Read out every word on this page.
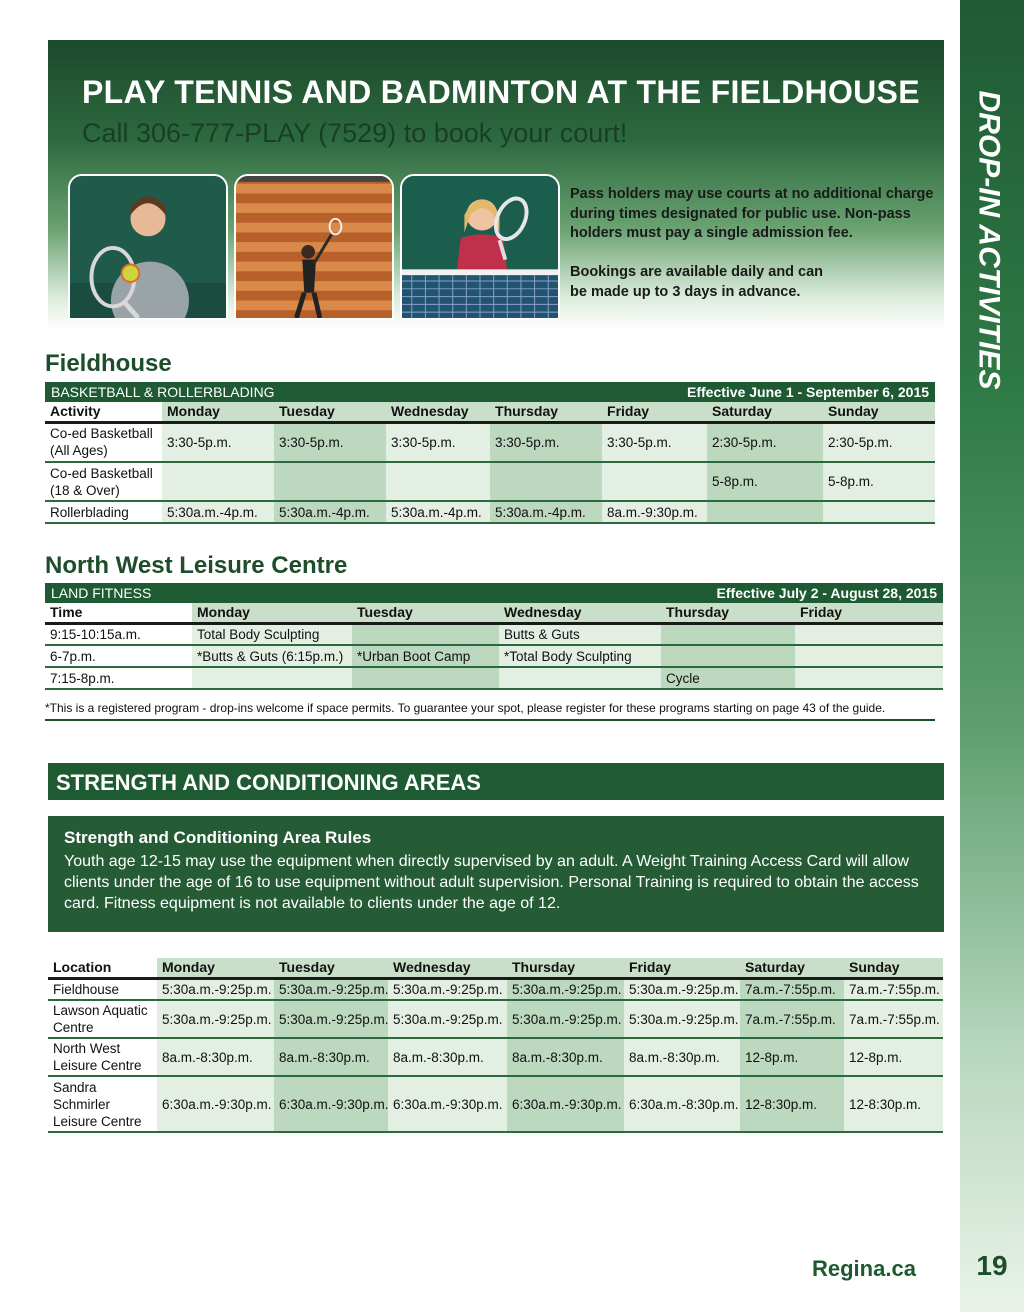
DROP-IN ACTIVITIES
PLAY TENNIS AND BADMINTON AT THE FIELDHOUSE
Call 306-777-PLAY (7529) to book your court!
Pass holders may use courts at no additional charge during times designated for public use. Non-pass holders must pay a single admission fee.
Bookings are available daily and can be made up to 3 days in advance.
Fieldhouse
BASKETBALL & ROLLERBLADING				Effective June 1 - September 6, 2015			
Activity	Monday	Tuesday	Wednesday	Thursday	Friday	Saturday	Sunday
Co-ed Basketball (All Ages)	3:30-5p.m.	3:30-5p.m.	3:30-5p.m.	3:30-5p.m.	3:30-5p.m.	2:30-5p.m.	2:30-5p.m.
Co-ed Basketball (18 & Over)						5-8p.m.	5-8p.m.
Rollerblading	5:30a.m.-4p.m.	5:30a.m.-4p.m.	5:30a.m.-4p.m.	5:30a.m.-4p.m.	8a.m.-9:30p.m.		
North West Leisure Centre
LAND FITNESS			Effective July 2 - August 28, 2015		
Time	Monday	Tuesday	Wednesday	Thursday	Friday
9:15-10:15a.m.	Total Body Sculpting		Butts & Guts		
6-7p.m.	*Butts & Guts (6:15p.m.)	*Urban Boot Camp	*Total Body Sculpting		
7:15-8p.m.				Cycle	
*This is a registered program - drop-ins welcome if space permits. To guarantee your spot, please register for these programs starting on page 43 of the guide.
STRENGTH AND CONDITIONING AREAS
Strength and Conditioning Area Rules
Youth age 12-15 may use the equipment when directly supervised by an adult. A Weight Training Access Card will allow clients under the age of 16 to use equipment without adult supervision. Personal Training is required to obtain the access card. Fitness equipment is not available to clients under the age of 12.
Location	Monday	Tuesday	Wednesday	Thursday	Friday	Saturday	Sunday
Fieldhouse	5:30a.m.-9:25p.m.	5:30a.m.-9:25p.m.	5:30a.m.-9:25p.m.	5:30a.m.-9:25p.m.	5:30a.m.-9:25p.m.	7a.m.-7:55p.m.	7a.m.-7:55p.m.
Lawson Aquatic Centre	5:30a.m.-9:25p.m.	5:30a.m.-9:25p.m.	5:30a.m.-9:25p.m.	5:30a.m.-9:25p.m.	5:30a.m.-9:25p.m.	7a.m.-7:55p.m.	7a.m.-7:55p.m.
North West Leisure Centre	8a.m.-8:30p.m.	8a.m.-8:30p.m.	8a.m.-8:30p.m.	8a.m.-8:30p.m.	8a.m.-8:30p.m.	12-8p.m.	12-8p.m.
Sandra Schmirler Leisure Centre	6:30a.m.-9:30p.m.	6:30a.m.-9:30p.m.	6:30a.m.-9:30p.m.	6:30a.m.-9:30p.m.	6:30a.m.-8:30p.m.	12-8:30p.m.	12-8:30p.m.
Regina.ca	19
